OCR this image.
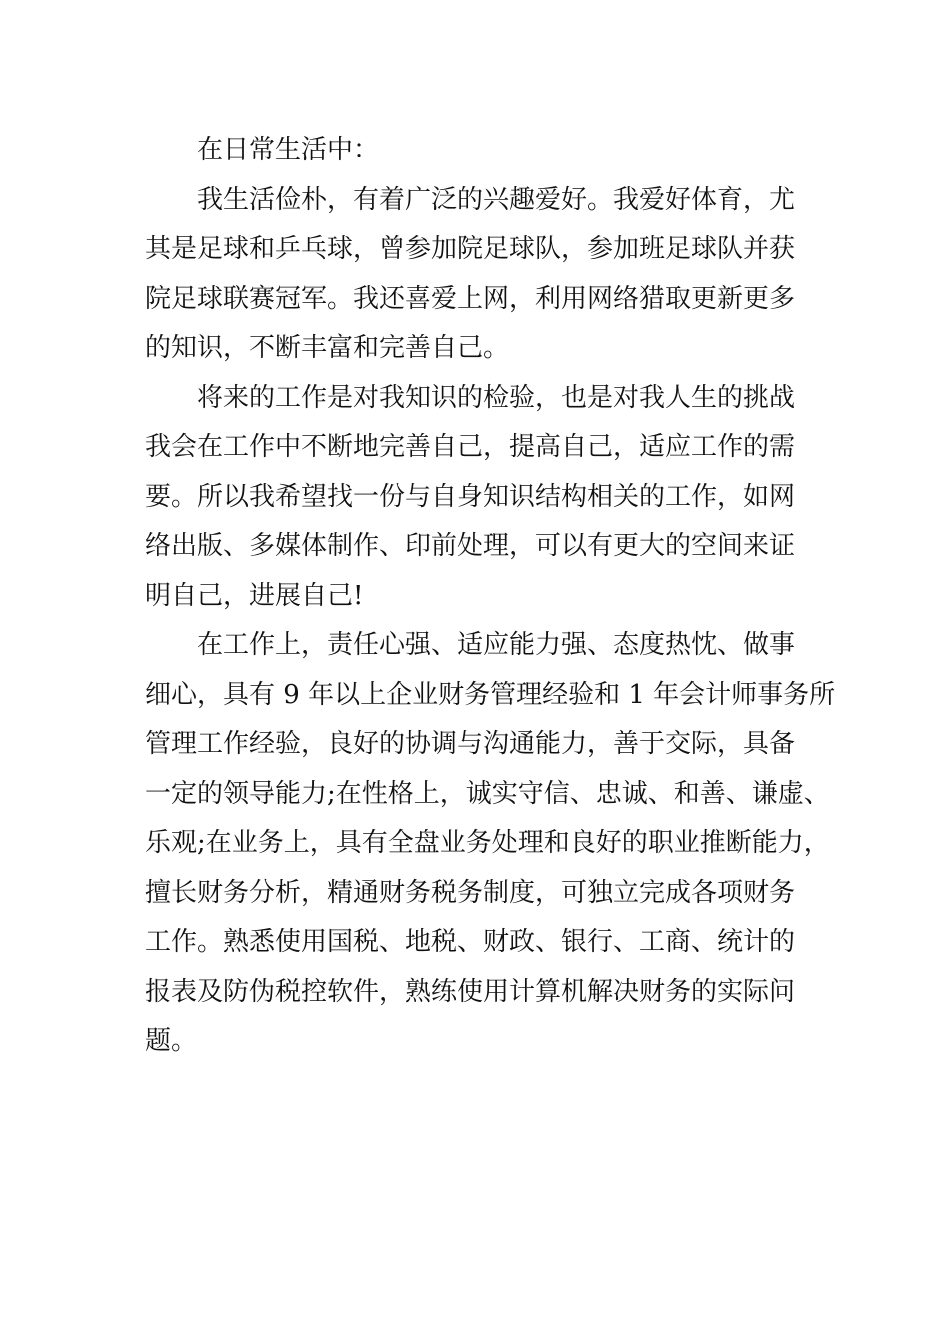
在日常生活中：
我生活俭朴，有着广泛的兴趣爱好。我爱好体育，尤
其是足球和乒乓球，曾参加院足球队，参加班足球队并获
院足球联赛冠军。我还喜爱上网，利用网络猎取更新更多
的知识，不断丰富和完善自己。
将来的工作是对我知识的检验，也是对我人生的挑战
我会在工作中不断地完善自己，提高自己，适应工作的需
要。所以我希望找一份与自身知识结构相关的工作，如网
络出版、多媒体制作、印前处理，可以有更大的空间来证
明自己，进展自己!
在工作上，责任心强、适应能力强、态度热忱、做事
细心，具有 9 年以上企业财务管理经验和 1 年会计师事务所
管理工作经验，良好的协调与沟通能力，善于交际，具备
一定的领导能力;在性格上，诚实守信、忠诚、和善、谦虚、
乐观;在业务上，具有全盘业务处理和良好的职业推断能力，
擅长财务分析，精通财务税务制度，可独立完成各项财务
工作。熟悉使用国税、地税、财政、银行、工商、统计的
报表及防伪税控软件，熟练使用计算机解决财务的实际问
题。
